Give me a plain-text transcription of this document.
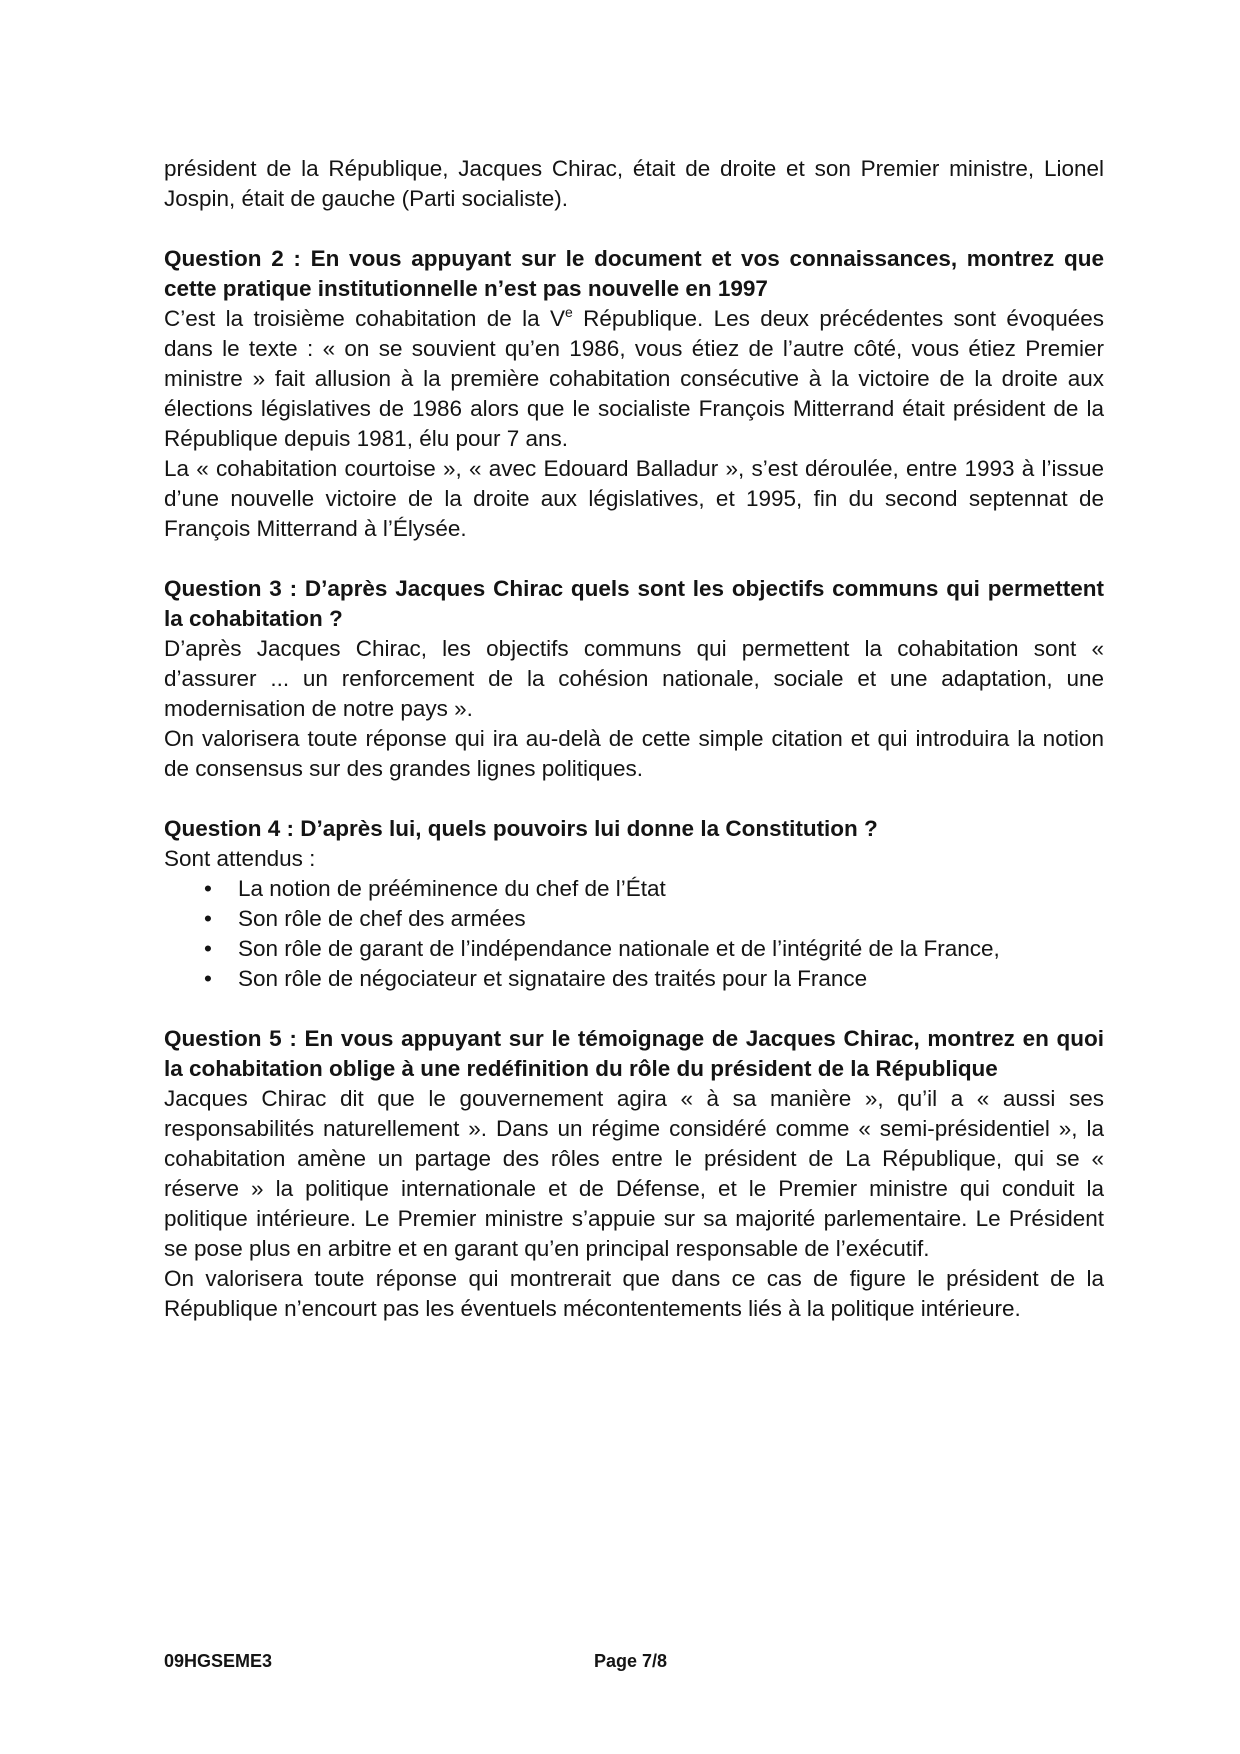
président de la République, Jacques Chirac, était de droite et son Premier ministre, Lionel Jospin, était de gauche (Parti socialiste).

Question 2 : En vous appuyant sur le document et vos connaissances, montrez que cette pratique institutionnelle n’est pas nouvelle en 1997

C’est la troisième cohabitation de la Ve République. Les deux précédentes sont évoquées dans le texte : « on se souvient qu’en 1986, vous étiez de l’autre côté, vous étiez Premier ministre » fait allusion à la première cohabitation consécutive à la victoire de la droite aux élections législatives de 1986 alors que le socialiste François Mitterrand était président de la République depuis 1981, élu pour 7 ans.

La « cohabitation courtoise », « avec Edouard Balladur », s’est déroulée, entre 1993 à l’issue d’une nouvelle victoire de la droite aux législatives, et 1995, fin du second septennat de François Mitterrand à l’Élysée.

Question 3 : D’après Jacques Chirac quels sont les objectifs communs qui permettent la cohabitation ?

D’après Jacques Chirac, les objectifs communs qui permettent la cohabitation sont « d’assurer ... un renforcement de la cohésion nationale, sociale et une adaptation, une modernisation de notre pays ».

On valorisera toute réponse qui ira au-delà de cette simple citation et qui introduira la notion de consensus sur des grandes lignes politiques.

Question 4 : D’après lui, quels pouvoirs lui donne la Constitution ?

Sont attendus :

• La notion de prééminence du chef de l’État
• Son rôle de chef des armées
• Son rôle de garant de l’indépendance nationale et de l’intégrité de la France,
• Son rôle de négociateur et signataire des traités pour la France

Question 5 : En vous appuyant sur le témoignage de Jacques Chirac, montrez en quoi la cohabitation oblige à une redéfinition du rôle du président de la République

Jacques Chirac dit que le gouvernement agira « à sa manière », qu’il a « aussi ses responsabilités naturellement ». Dans un régime considéré comme « semi-présidentiel », la cohabitation amène un partage des rôles entre le président de La République, qui se « réserve » la politique internationale et de Défense, et le Premier ministre qui conduit la politique intérieure. Le Premier ministre s’appuie sur sa majorité parlementaire. Le Président se pose plus en arbitre et en garant qu’en principal responsable de l’exécutif.

On valorisera toute réponse qui montrerait que dans ce cas de figure le président de la République n’encourt pas les éventuels mécontentements liés à la politique intérieure.

09HGSEME3	Page 7/8
